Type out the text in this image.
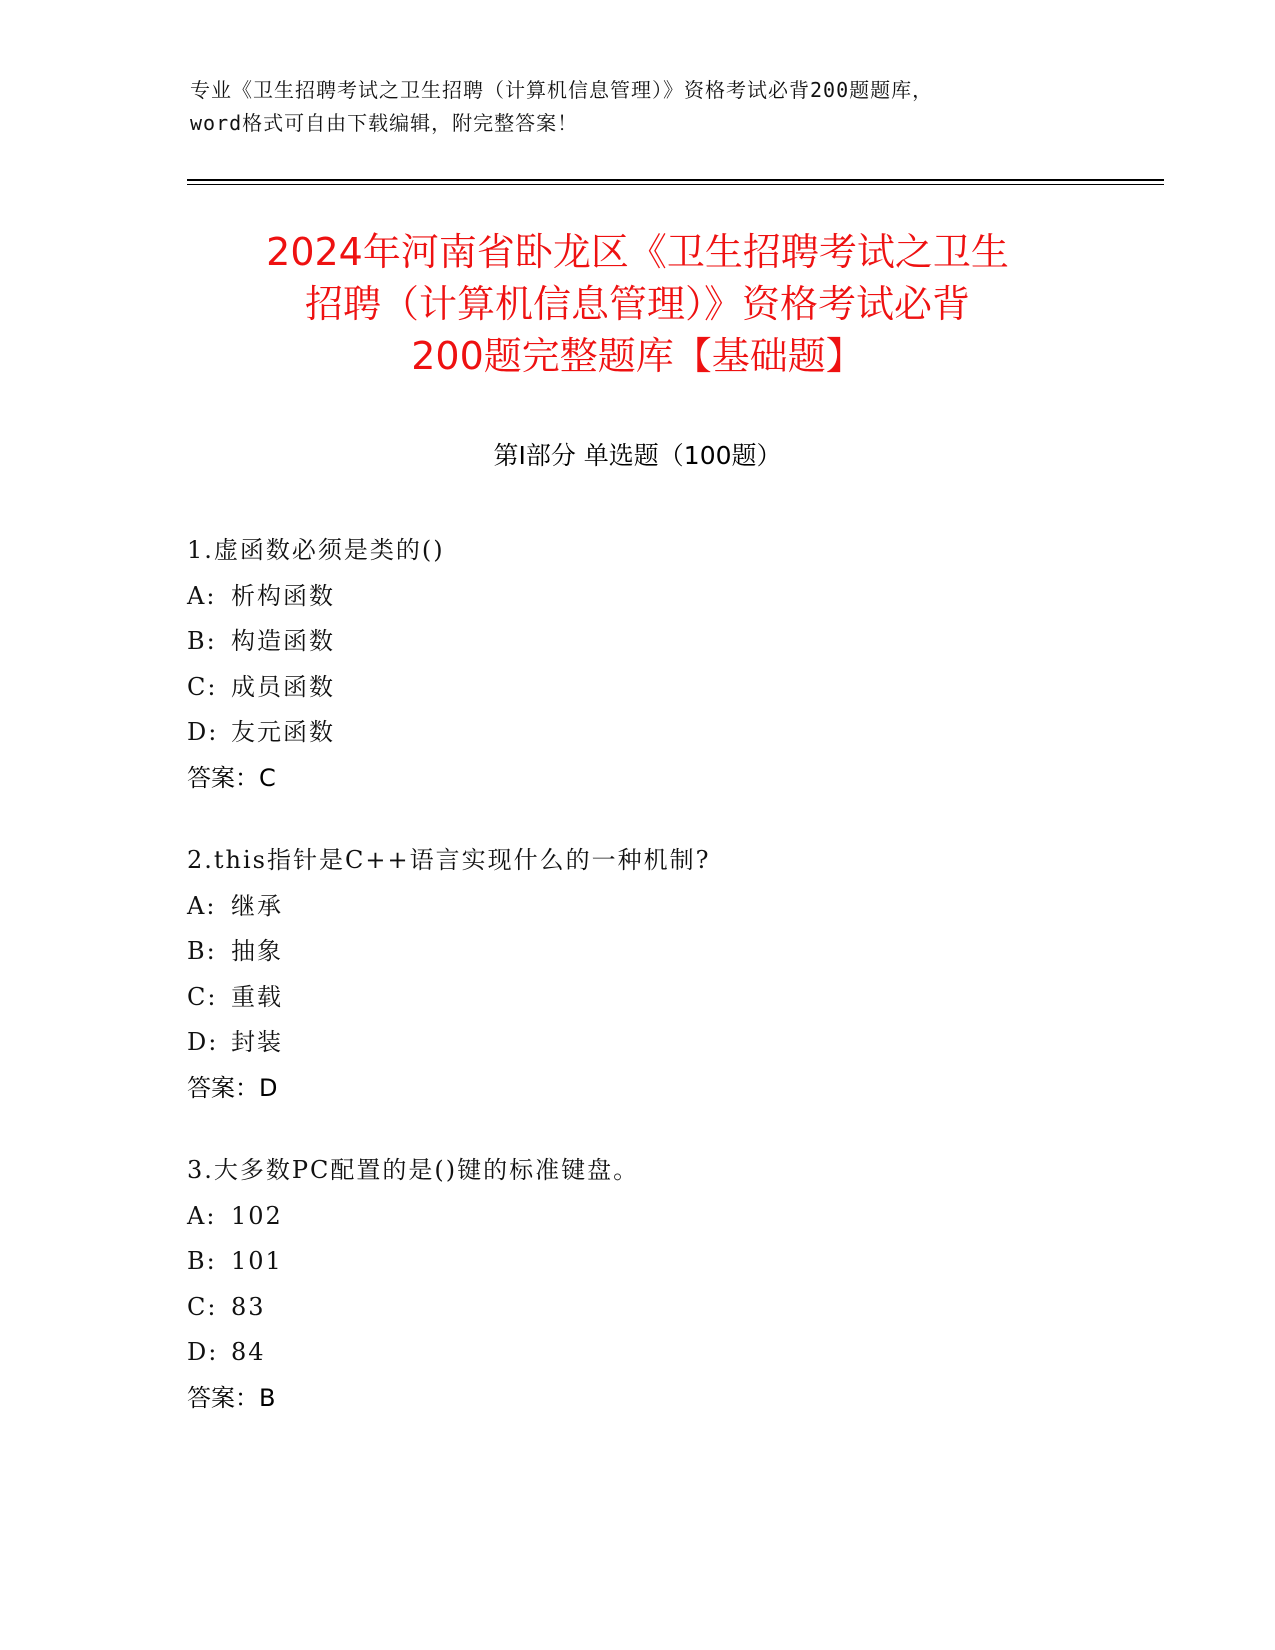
专业《卫生招聘考试之卫生招聘（计算机信息管理）》资格考试必背200题题库，
word格式可自由下载编辑，附完整答案！
2024年河南省卧龙区《卫生招聘考试之卫生
招聘（计算机信息管理）》资格考试必背
200题完整题库【基础题】
第Ⅰ部分 单选题（100题）
1.虚函数必须是类的()
A: 析构函数
B: 构造函数
C: 成员函数
D: 友元函数
答案：C
2.this指针是C++语言实现什么的一种机制?
A: 继承
B: 抽象
C: 重载
D: 封装
答案：D
3.大多数PC配置的是()键的标准键盘。
A: 102
B: 101
C: 83
D: 84
答案：B
